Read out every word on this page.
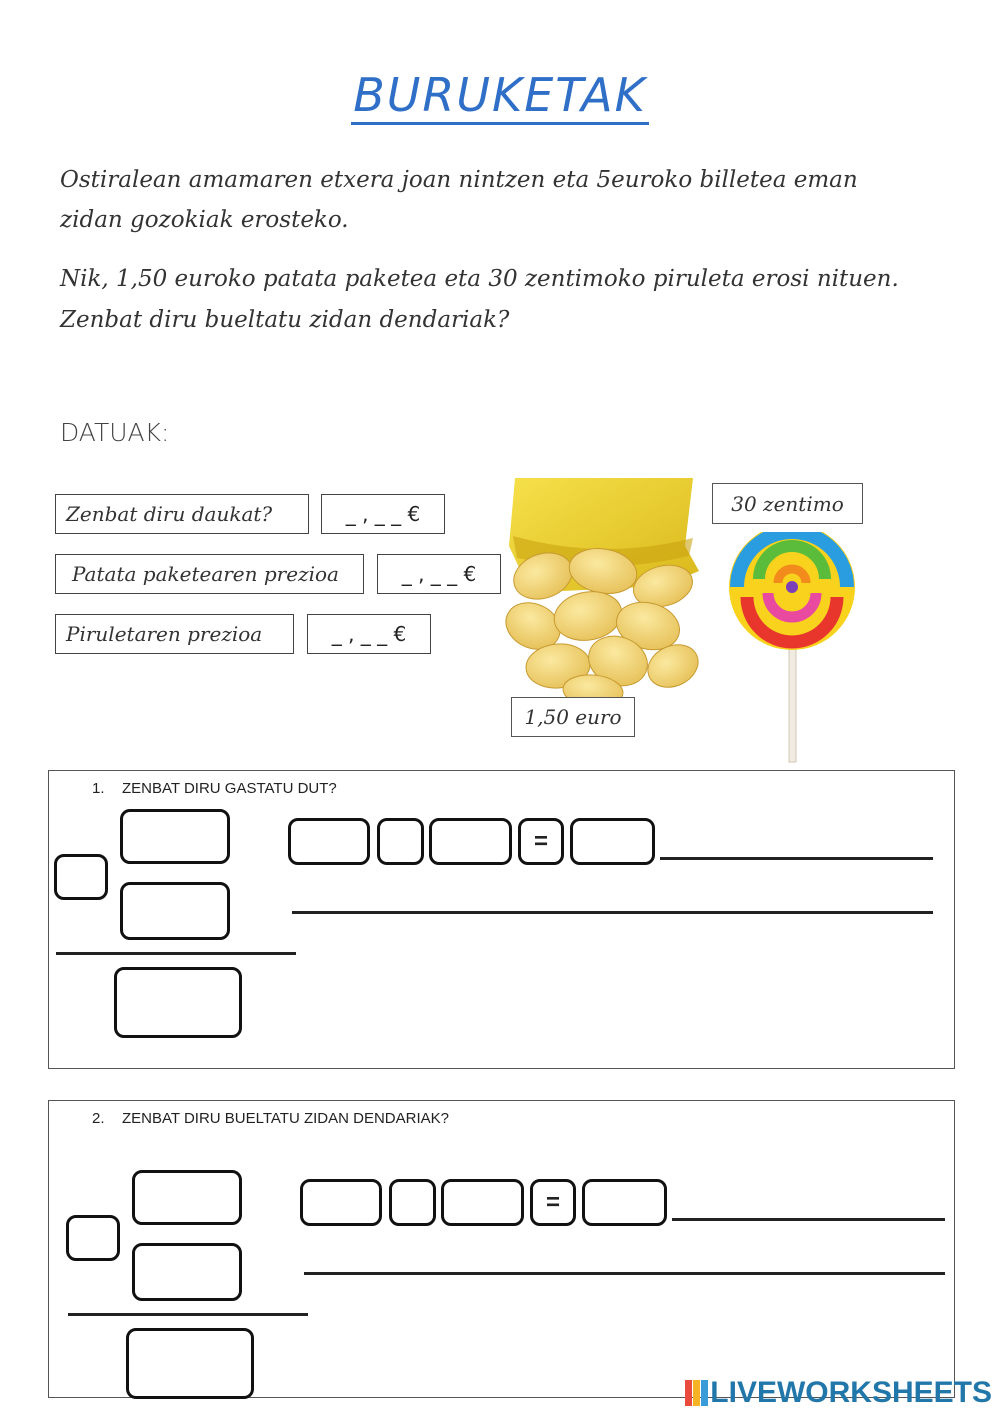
BURUKETAK
Ostiralean amamaren etxera joan nintzen eta 5euroko billetea eman
zidan gozokiak erosteko.
Nik, 1,50 euroko patata paketea eta 30 zentimoko piruleta erosi nituen.
Zenbat diru bueltatu zidan dendariak?
DATUAK:
Zenbat diru daukat?	_ , _ _ €
Patata paketearen prezioa	_ , _ _ €
Piruletaren prezioa	_ , _ _ €
1,50 euro
30 zentimo
1. ZENBAT DIRU GASTATU DUT?
=
2. ZENBAT DIRU BUELTATU ZIDAN DENDARIAK?
=
LIVEWORKSHEETS
